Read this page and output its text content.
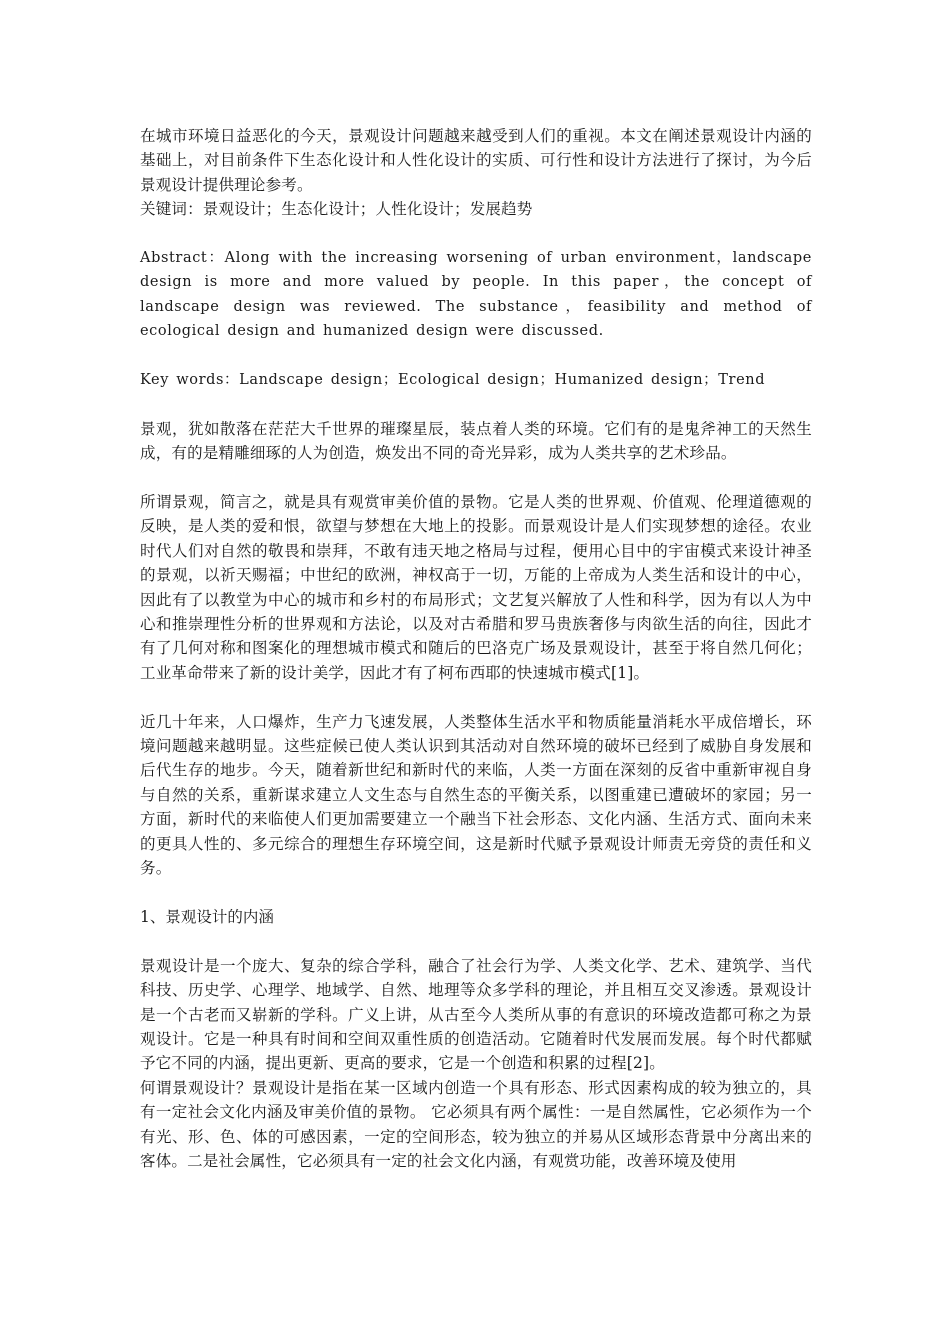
在城市环境日益恶化的今天，景观设计问题越来越受到人们的重视。本文在阐述景观设计内涵的基础上，对目前条件下生态化设计和人性化设计的实质、可行性和设计方法进行了探讨，为今后景观设计提供理论参考。

关键词：景观设计；生态化设计；人性化设计；发展趋势

Abstract：Along with the increasing worsening of urban environment，landscape design is more and more valued by people. In this paper，the concept of landscape design was reviewed. The substance，feasibility and method of ecological design and humanized design were discussed.

Key words：Landscape design；Ecological design；Humanized design；Trend

景观，犹如散落在茫茫大千世界的璀璨星辰，装点着人类的环境。它们有的是鬼斧神工的天然生成，有的是精雕细琢的人为创造，焕发出不同的奇光异彩，成为人类共享的艺术珍品。

所谓景观，简言之，就是具有观赏审美价值的景物。它是人类的世界观、价值观、伦理道德观的反映，是人类的爱和恨，欲望与梦想在大地上的投影。而景观设计是人们实现梦想的途径。农业时代人们对自然的敬畏和崇拜，不敢有违天地之格局与过程，便用心目中的宇宙模式来设计神圣的景观，以祈天赐福；中世纪的欧洲，神权高于一切，万能的上帝成为人类生活和设计的中心，因此有了以教堂为中心的城市和乡村的布局形式；文艺复兴解放了人性和科学，因为有以人为中心和推崇理性分析的世界观和方法论，以及对古希腊和罗马贵族奢侈与肉欲生活的向往，因此才有了几何对称和图案化的理想城市模式和随后的巴洛克广场及景观设计，甚至于将自然几何化；工业革命带来了新的设计美学，因此才有了柯布西耶的快速城市模式[1]。

近几十年来，人口爆炸，生产力飞速发展，人类整体生活水平和物质能量消耗水平成倍增长，环境问题越来越明显。这些症候已使人类认识到其活动对自然环境的破坏已经到了威胁自身发展和后代生存的地步。今天，随着新世纪和新时代的来临，人类一方面在深刻的反省中重新审视自身与自然的关系，重新谋求建立人文生态与自然生态的平衡关系，以图重建已遭破坏的家园；另一方面，新时代的来临使人们更加需要建立一个融当下社会形态、文化内涵、生活方式、面向未来的更具人性的、多元综合的理想生存环境空间，这是新时代赋予景观设计师责无旁贷的责任和义务。

1、景观设计的内涵

景观设计是一个庞大、复杂的综合学科，融合了社会行为学、人类文化学、艺术、建筑学、当代科技、历史学、心理学、地域学、自然、地理等众多学科的理论，并且相互交叉渗透。景观设计是一个古老而又崭新的学科。广义上讲，从古至今人类所从事的有意识的环境改造都可称之为景观设计。它是一种具有时间和空间双重性质的创造活动。它随着时代发展而发展。每个时代都赋予它不同的内涵，提出更新、更高的要求，它是一个创造和积累的过程[2]。

何谓景观设计？景观设计是指在某一区域内创造一个具有形态、形式因素构成的较为独立的，具有一定社会文化内涵及审美价值的景物。 它必须具有两个属性：一是自然属性，它必须作为一个有光、形、色、体的可感因素，一定的空间形态，较为独立的并易从区域形态背景中分离出来的客体。二是社会属性，它必须具有一定的社会文化内涵，有观赏功能，改善环境及使用
